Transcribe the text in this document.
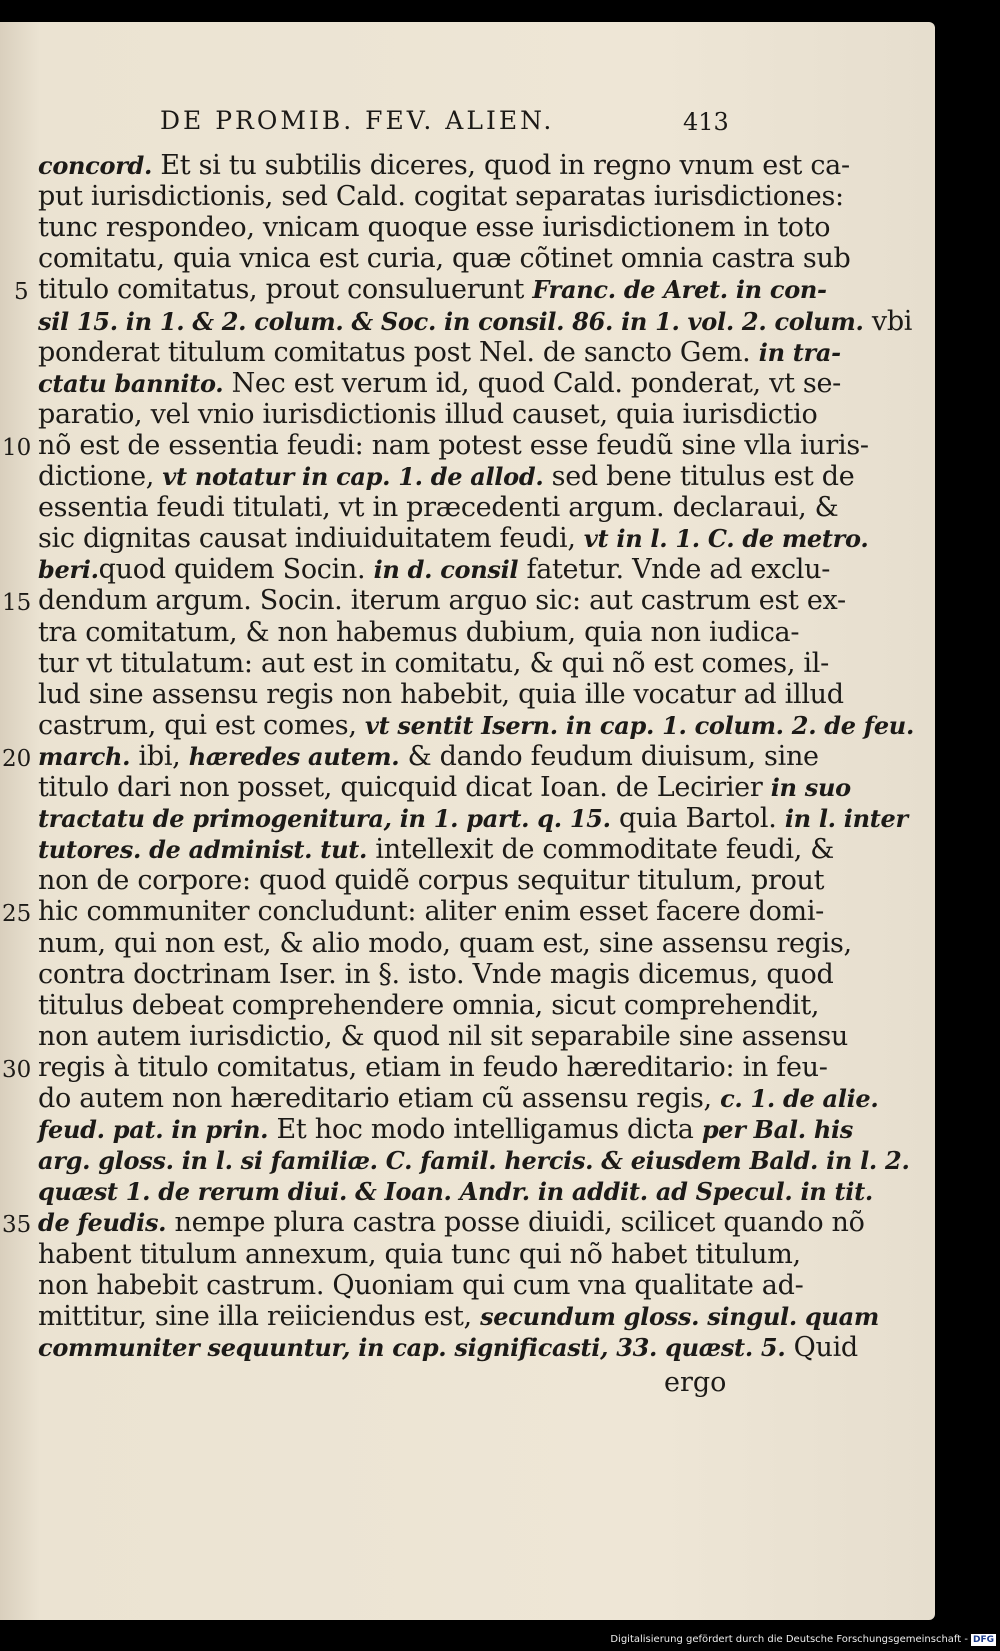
DE PROMIB. FEV. ALIEN.	413
concord. Et si tu subtilis diceres, quod in regno vnum est ca-
put iurisdictionis, sed Cald. cogitat separatas iurisdictiones:
tunc respondeo, vnicam quoque esse iurisdictionem in toto
comitatu, quia vnica est curia, quæ cõtinet omnia castra sub
titulo comitatus, prout consuluerunt Franc. de Aret. in con-
sil 15. in 1. & 2. colum. & Soc. in consil. 86. in 1. vol. 2. colum. vbi
ponderat titulum comitatus post Nel. de sancto Gem. in tra-
ctatu bannito. Nec est verum id, quod Cald. ponderat, vt se-
paratio, vel vnio iurisdictionis illud causet, quia iurisdictio
nõ est de essentia feudi: nam potest esse feudũ sine vlla iuris-
dictione, vt notatur in cap. 1. de allod. sed bene titulus est de
essentia feudi titulati, vt in præcedenti argum. declaraui, &
sic dignitas causat indiuiduitatem feudi, vt in l. 1. C. de metro.
beri.quod quidem Socin. in d. consil fatetur. Vnde ad exclu-
dendum argum. Socin. iterum arguo sic: aut castrum est ex-
tra comitatum, & non habemus dubium, quia non iudica-
tur vt titulatum: aut est in comitatu, & qui nõ est comes, il-
lud sine assensu regis non habebit, quia ille vocatur ad illud
castrum, qui est comes, vt sentit Isern. in cap. 1. colum. 2. de feu.
march. ibi, hæredes autem. & dando feudum diuisum, sine
titulo dari non posset, quicquid dicat Ioan. de Lecirier in suo
tractatu de primogenitura, in 1. part. q. 15. quia Bartol. in l. inter
tutores. de administ. tut. intellexit de commoditate feudi, &
non de corpore: quod quidẽ corpus sequitur titulum, prout
hic communiter concludunt: aliter enim esset facere domi-
num, qui non est, & alio modo, quam est, sine assensu regis,
contra doctrinam Iser. in §. isto. Vnde magis dicemus, quod
titulus debeat comprehendere omnia, sicut comprehendit,
non autem iurisdictio, & quod nil sit separabile sine assensu
regis à titulo comitatus, etiam in feudo hæreditario: in feu-
do autem non hæreditario etiam cũ assensu regis, c. 1. de alie.
feud. pat. in prin. Et hoc modo intelligamus dicta per Bal. his
arg. gloss. in l. si familiæ. C. famil. hercis. & eiusdem Bald. in l. 2.
quæst 1. de rerum diui. & Ioan. Andr. in addit. ad Specul. in tit.
de feudis. nempe plura castra posse diuidi, scilicet quando nõ
habent titulum annexum, quia tunc qui nõ habet titulum,
non habebit castrum. Quoniam qui cum vna qualitate ad-
mittitur, sine illa reiiciendus est, secundum gloss. singul. quam
communiter sequuntur, in cap. significasti, 33. quæst. 5. Quid
5
10
15
20
25
30
35
ergo
Digitalisierung gefördert durch die Deutsche Forschungsgemeinschaft - DFG
